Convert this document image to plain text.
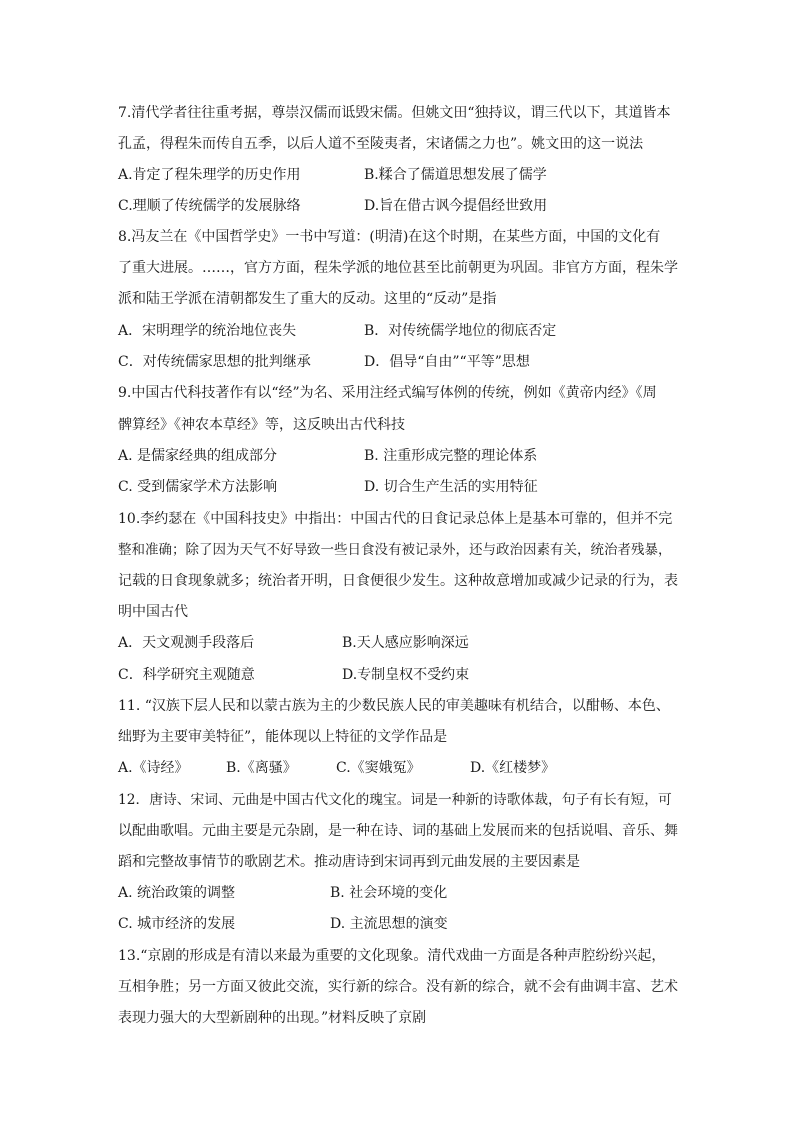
7.清代学者往往重考据，尊崇汉儒而诋毁宋儒。但姚文田“独持议，谓三代以下，其道皆本
孔孟，得程朱而传自五季，以后人道不至陵夷者，宋诸儒之力也”。姚文田的这一说法
A.肯定了程朱理学的历史作用	B.糅合了儒道思想发展了儒学
C.理顺了传统儒学的发展脉络	D.旨在借古讽今提倡经世致用
8.冯友兰在《中国哲学史》一书中写道：(明清)在这个时期，在某些方面，中国的文化有
了重大进展。……，官方方面，程朱学派的地位甚至比前朝更为巩固。非官方方面，程朱学
派和陆王学派在清朝都发生了重大的反动。这里的“反动”是指
A．宋明理学的统治地位丧失	B．对传统儒学地位的彻底否定
C．对传统儒家思想的批判继承	D．倡导“自由”“平等”思想
9.中国古代科技著作有以“经”为名、采用注经式编写体例的传统，例如《黄帝内经》《周
髀算经》《神农本草经》等，这反映出古代科技
A. 是儒家经典的组成部分	B. 注重形成完整的理论体系
C. 受到儒家学术方法影响	D. 切合生产生活的实用特征
10.李约瑟在《中国科技史》中指出：中国古代的日食记录总体上是基本可靠的，但并不完
整和准确；除了因为天气不好导致一些日食没有被记录外，还与政治因素有关，统治者残暴，
记载的日食现象就多；统治者开明，日食便很少发生。这种故意增加或减少记录的行为，表
明中国古代
A．天文观测手段落后	B.天人感应影响深远
C．科学研究主观随意	D.专制皇权不受约束
11. “汉族下层人民和以蒙古族为主的少数民族人民的审美趣味有机结合，以酣畅、本色、
绌野为主要审美特征”，能体现以上特征的文学作品是
A.《诗经》	B.《离骚》	C.《窦娥冤》	D.《红楼梦》
12．唐诗、宋词、元曲是中国古代文化的瑰宝。词是一种新的诗歌体裁，句子有长有短，可
以配曲歌唱。元曲主要是元杂剧，是一种在诗、词的基础上发展而来的包括说唱、音乐、舞
蹈和完整故事情节的歌剧艺术。推动唐诗到宋词再到元曲发展的主要因素是
A. 统治政策的调整	B. 社会环境的变化
C. 城市经济的发展	D. 主流思想的演变
13.“京剧的形成是有清以来最为重要的文化现象。清代戏曲一方面是各种声腔纷纷兴起，
互相争胜；另一方面又彼此交流，实行新的综合。没有新的综合，就不会有曲调丰富、艺术
表现力强大的大型新剧种的出现。”材料反映了京剧
